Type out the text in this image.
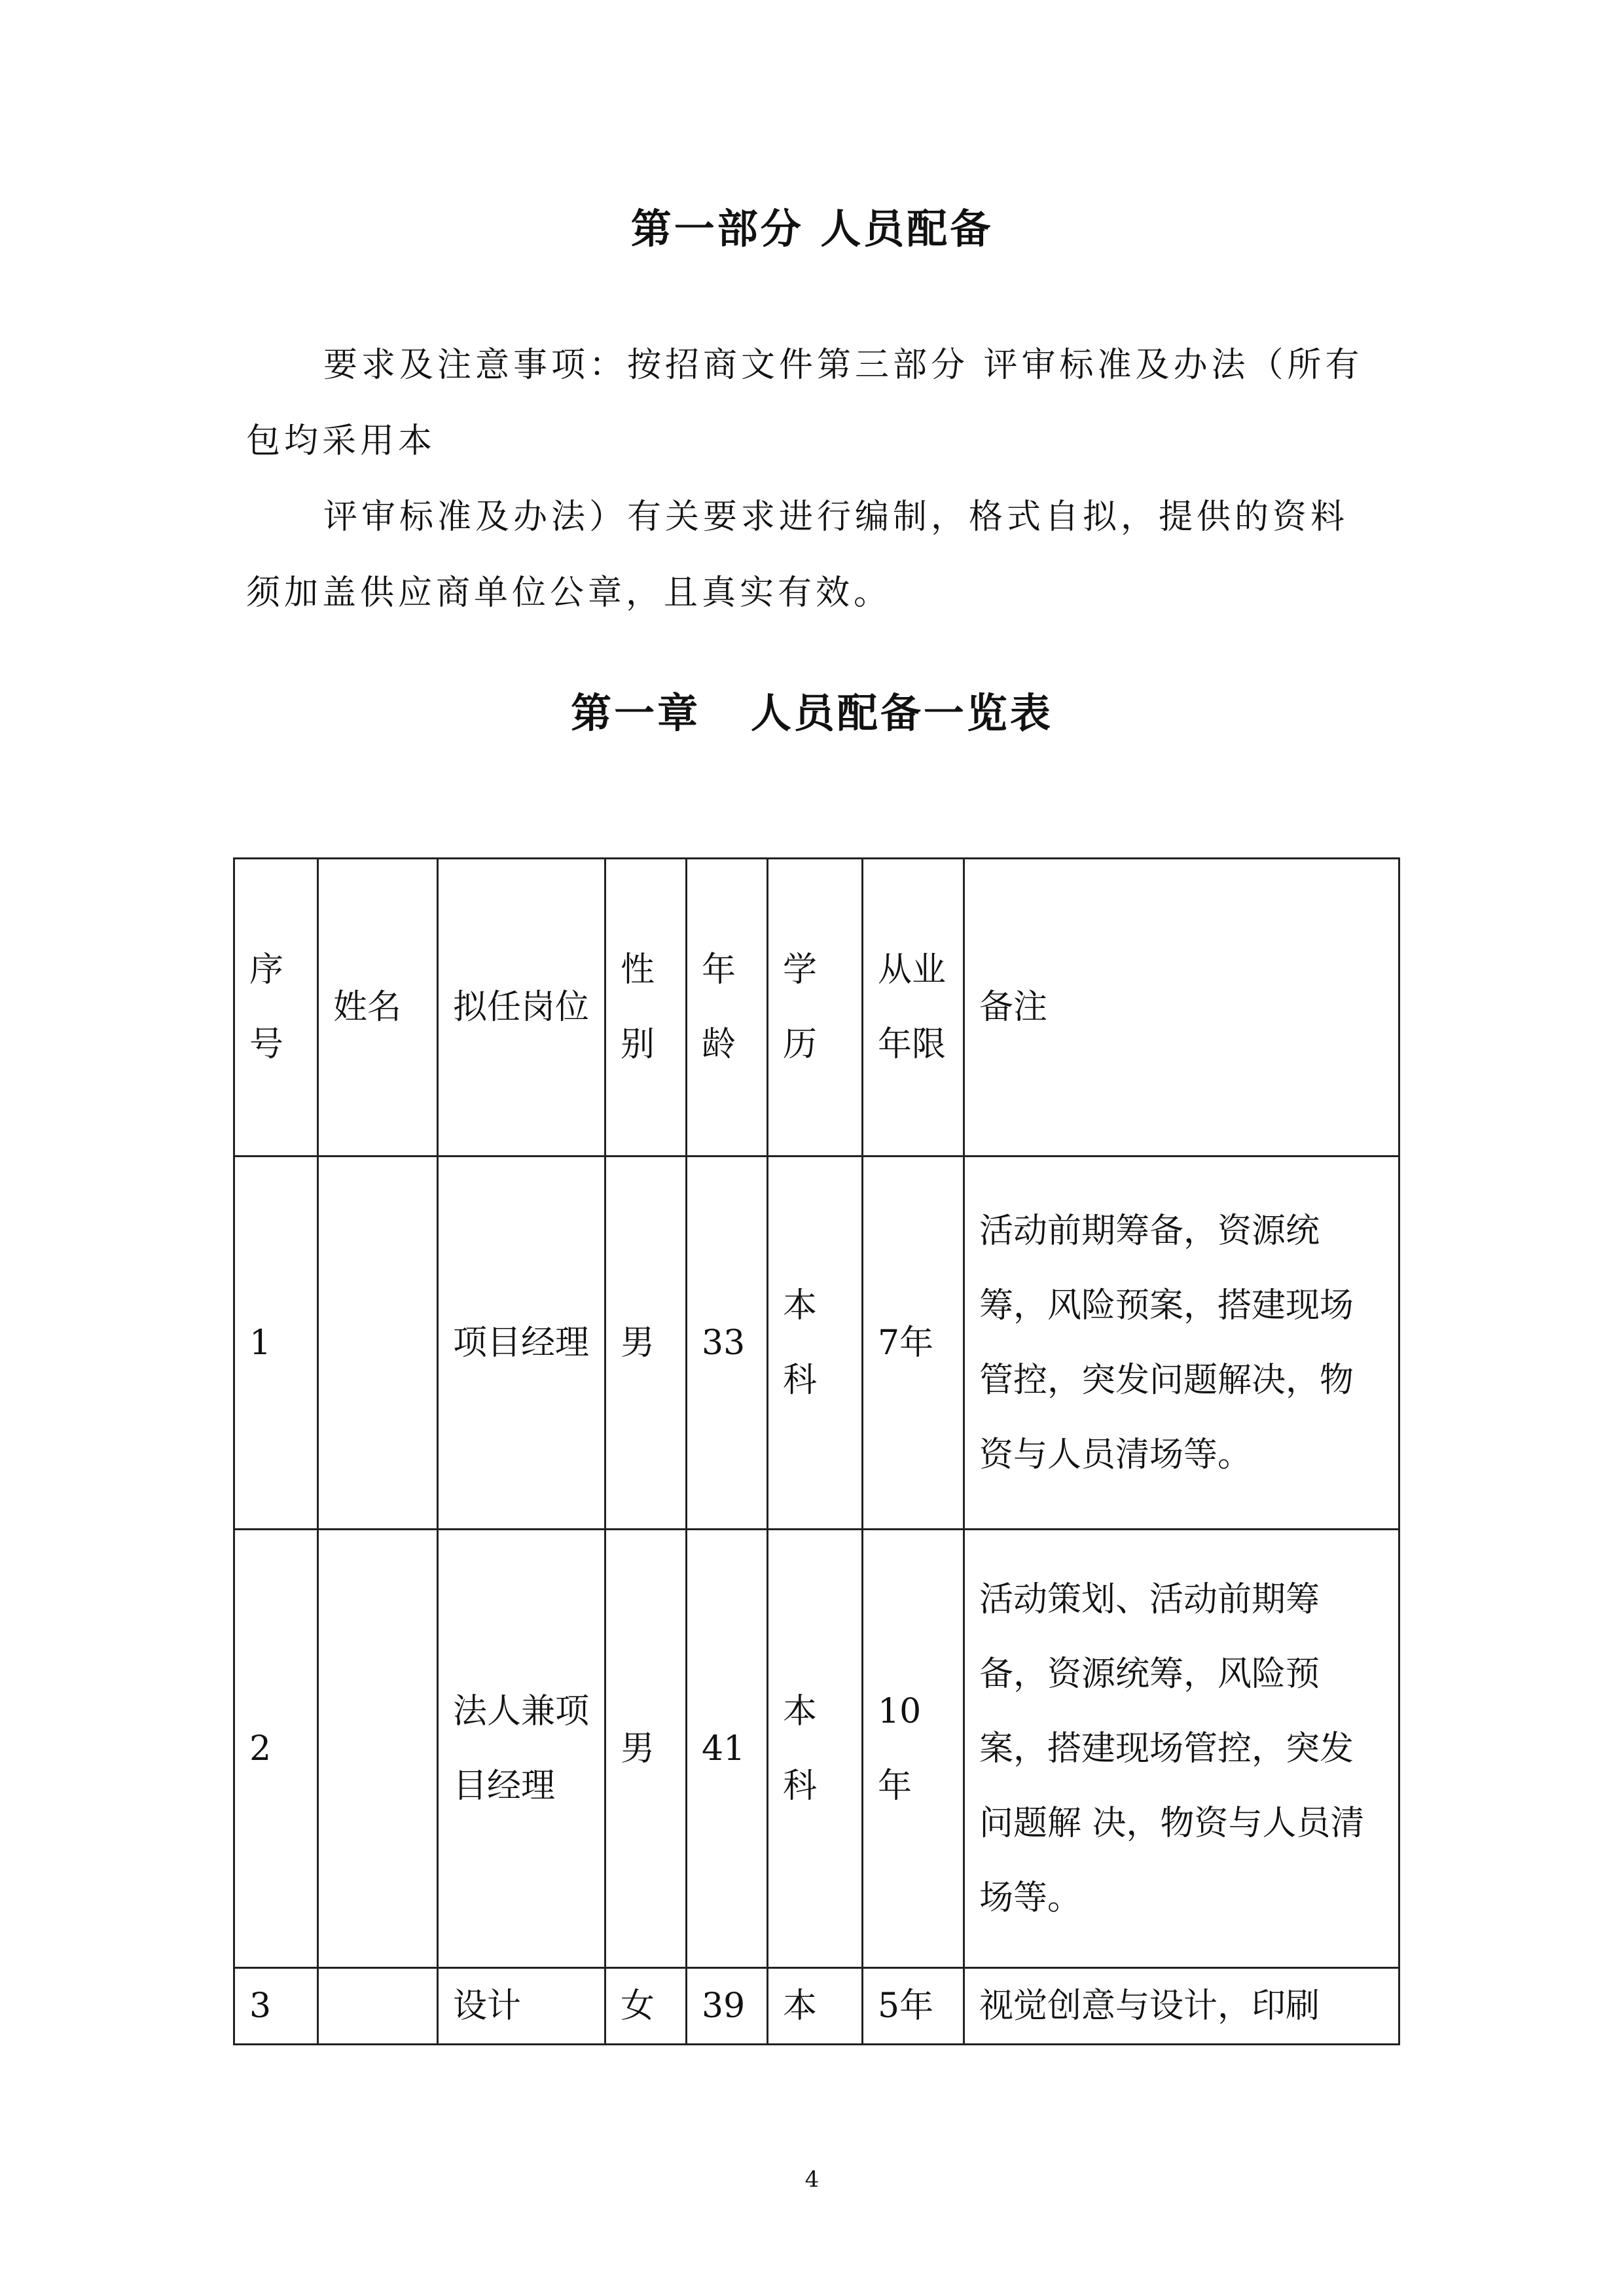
第一部分 人员配备

要求及注意事项：按招商文件第三部分 评审标准及办法（所有包均采用本

评审标准及办法）有关要求进行编制，格式自拟，提供的资料须加盖供应商单位公章，且真实有效。

第一章   人员配备一览表
序号	姓名	拟任岗位	性别	年龄	学历	从业年限	备注
1		项目经理	男	33	本科	7年	活动前期筹备，资源统筹，风险预案，搭建现场管控，突发问题解决，物资与人员清场等。
2		法人兼项目经理	男	41	本科	10年	活动策划、活动前期筹备，资源统筹，风险预案，搭建现场管控，突发问题解 决，物资与人员清场等。
3		设计	女	39	本	5年	视觉创意与设计，印刷

4
